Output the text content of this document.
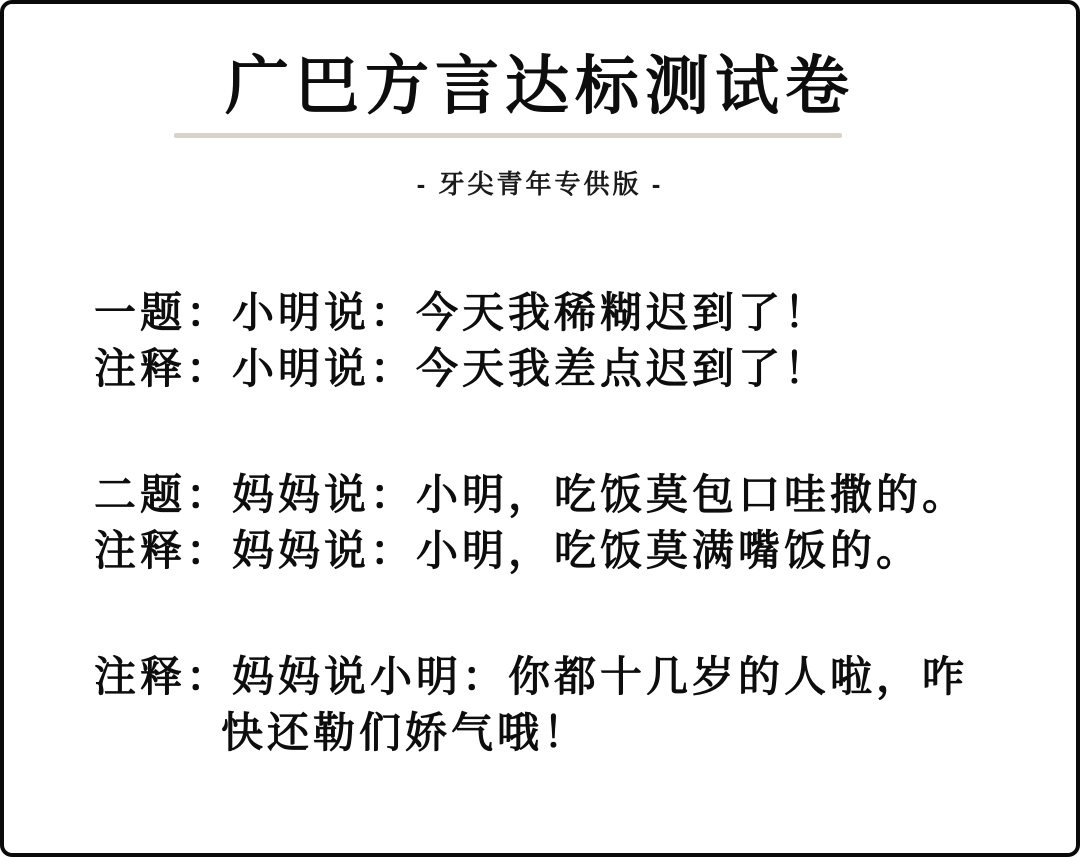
广巴方言达标测试卷
- 牙尖青年专供版 -
一题：小明说：今天我稀糊迟到了！
注释：小明说：今天我差点迟到了！
二题：妈妈说：小明，吃饭莫包口哇撒的。
注释：妈妈说：小明，吃饭莫满嘴饭的。
注释：妈妈说小明：你都十几岁的人啦，咋
快还勒们娇气哦！
